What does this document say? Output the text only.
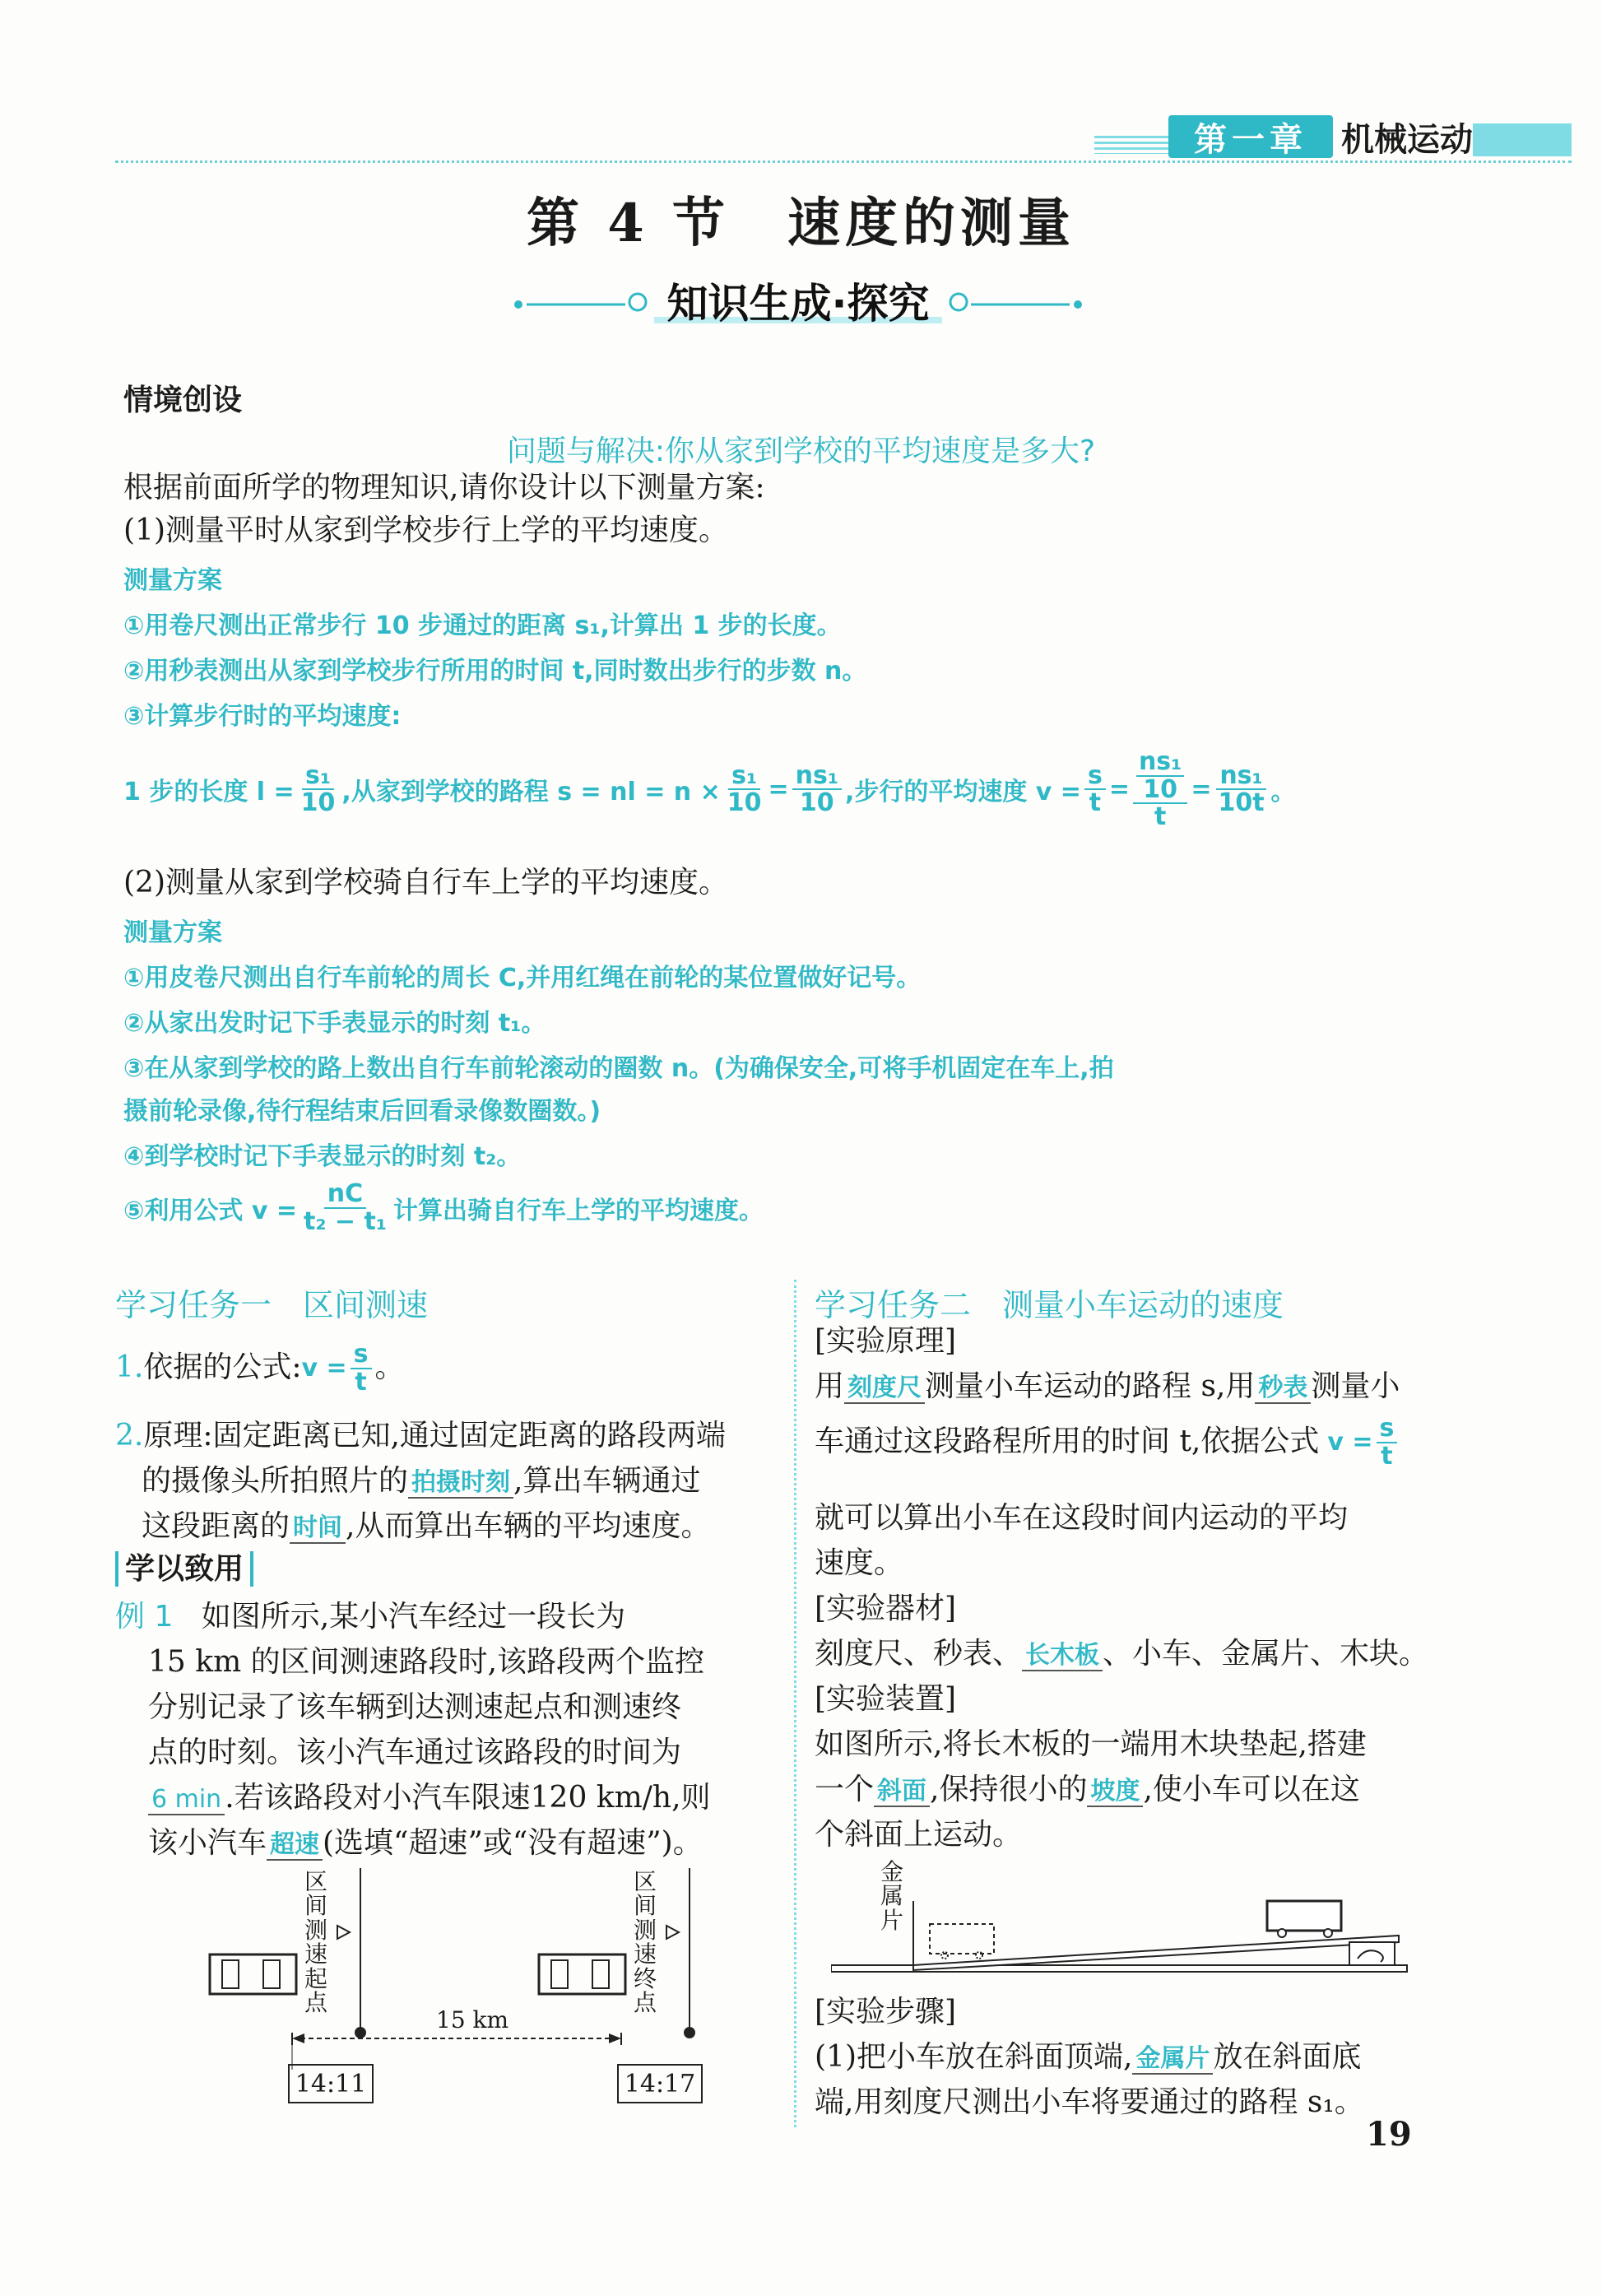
第一章	机械运动
第 4 节　速度的测量
知识生成·探究
情境创设
问题与解决:你从家到学校的平均速度是多大?
根据前面所学的物理知识,请你设计以下测量方案:
(1)测量平时从家到学校步行上学的平均速度。
测量方案
①用卷尺测出正常步行 10 步通过的距离 s₁,计算出 1 步的长度。
②用秒表测出从家到学校步行所用的时间 t,同时数出步行的步数 n。
③计算步行时的平均速度:
1 步的长度 $l = \frac{\text{s₁}}{10}$ ,从家到学校的路程 s = nl = $n \times \frac{\text{s₁}}{10} = \frac{\text{ns₁}}{10}$ ,步行的平均速度 $v = \frac{s}{t} = \frac{\frac{\text{ns₁}}{10}}{t} = \frac{\text{ns₁}}{10t}$ 。
(2)测量从家到学校骑自行车上学的平均速度。
测量方案
①用皮卷尺测出自行车前轮的周长 C,并用红绳在前轮的某位置做好记号。
②从家出发时记下手表显示的时刻 t₁。
③在从家到学校的路上数出自行车前轮滚动的圈数 n。(为确保安全,可将手机固定在车上,拍
摄前轮录像,待行程结束后回看录像数圈数。)
④到学校时记下手表显示的时刻 t₂。
⑤利用公式 $v = \frac{nC}{\text{t₂ − t₁}}$ 计算出骑自行车上学的平均速度。
学习任务一　区间测速
1. 依据的公式: $v = \frac{s}{t}$ 。
2.原理:固定距离已知,通过固定距离的路段两端
的摄像头所拍照片的 拍摄时刻 ,算出车辆通过
这段距离的 时间 ,从而算出车辆的平均速度。
学以致用
例 1 如图所示,某小汽车经过一段长为
15 km 的区间测速路段时,该路段两个监控
分别记录了该车辆到达测速起点和测速终
点的时刻。该小汽车通过该路段的时间为
6 min .若该路段对小汽车限速120 km/h,则
该小汽车 超速 (选填“超速”或“没有超速”)。
区
间
测
速
起
点
区
间
测
速
终
点
15 km
14:11	14:17
学习任务二　测量小车运动的速度
[实验原理]
用 刻度尺 测量小车运动的路程 s,用 秒表 测量小
车通过这段路程所用的时间 t,依据公式 $v = \frac{s}{t}$
就可以算出小车在这段时间内运动的平均
速度。
[实验器材]
刻度尺、秒表、 长木板 、小车、金属片、木块。
[实验装置]
如图所示,将长木板的一端用木块垫起,搭建
一个 斜面 ,保持很小的 坡度 ,使小车可以在这
个斜面上运动。
金
属
片
[实验步骤]
(1)把小车放在斜面顶端, 金属片 放在斜面底
端,用刻度尺测出小车将要通过的路程 s₁。
19
